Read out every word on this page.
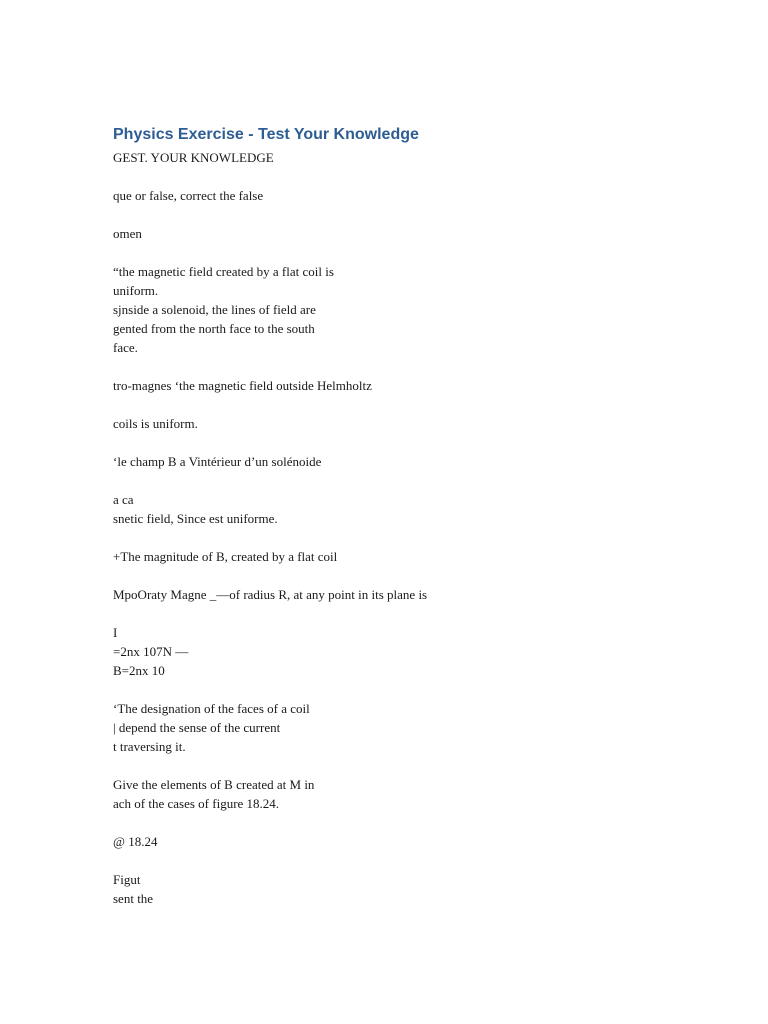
Physics Exercise - Test Your Knowledge
GEST. YOUR KNOWLEDGE
que or false, correct the false
omen
“the magnetic field created by a flat coil is
uniform.
sjnside a solenoid, the lines of field are
gented from the north face to the south
face.
tro-magnes ‘the magnetic field outside Helmholtz
coils is uniform.
‘le champ B a Vintérieur d’un solénoide
a ca
snetic field, Since est uniforme.
+The magnitude of B, created by a flat coil
MpoOraty Magne _—of radius R, at any point in its plane is
I
=2nx 107N —
B=2nx 10
‘The designation of the faces of a coil
| depend the sense of the current
t traversing it.
Give the elements of B created at M in
ach of the cases of figure 18.24.
@ 18.24
Figut
sent the
